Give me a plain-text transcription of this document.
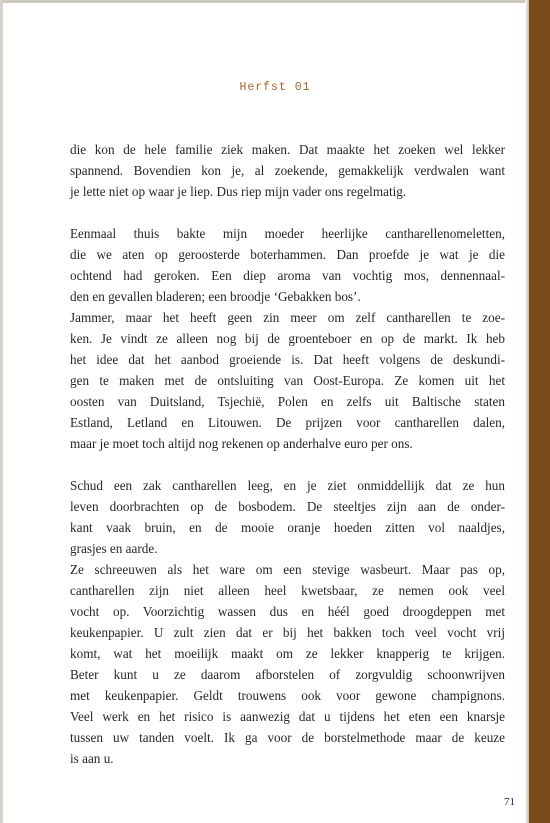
Herfst 01
die kon de hele familie ziek maken. Dat maakte het zoeken wel lekker
spannend. Bovendien kon je, al zoekende, gemakkelijk verdwalen want
je lette niet op waar je liep. Dus riep mijn vader ons regelmatig.
Eenmaal thuis bakte mijn moeder heerlijke cantharellenomeletten,
die we aten op geroosterde boterhammen. Dan proefde je wat je die
ochtend had geroken. Een diep aroma van vochtig mos, dennennaal-
den en gevallen bladeren; een broodje ‘Gebakken bos’.
Jammer, maar het heeft geen zin meer om zelf cantharellen te zoe-
ken. Je vindt ze alleen nog bij de groenteboer en op de markt. Ik heb
het idee dat het aanbod groeiende is. Dat heeft volgens de deskundi-
gen te maken met de ontsluiting van Oost-Europa. Ze komen uit het
oosten van Duitsland, Tsjechië, Polen en zelfs uit Baltische staten
Estland, Letland en Litouwen. De prijzen voor cantharellen dalen,
maar je moet toch altijd nog rekenen op anderhalve euro per ons.
Schud een zak cantharellen leeg, en je ziet onmiddellijk dat ze hun
leven doorbrachten op de bosbodem. De steeltjes zijn aan de onder-
kant vaak bruin, en de mooie oranje hoeden zitten vol naaldjes,
grasjes en aarde.
Ze schreeuwen als het ware om een stevige wasbeurt. Maar pas op,
cantharellen zijn niet alleen heel kwetsbaar, ze nemen ook veel
vocht op. Voorzichtig wassen dus en héél goed droogdeppen met
keukenpapier. U zult zien dat er bij het bakken toch veel vocht vrij
komt, wat het moeilijk maakt om ze lekker knapperig te krijgen.
Beter kunt u ze daarom afborstelen of zorgvuldig schoonwrijven
met keukenpapier. Geldt trouwens ook voor gewone champignons.
Veel werk en het risico is aanwezig dat u tijdens het eten een knarsje
tussen uw tanden voelt. Ik ga voor de borstelmethode maar de keuze
is aan u.
71
